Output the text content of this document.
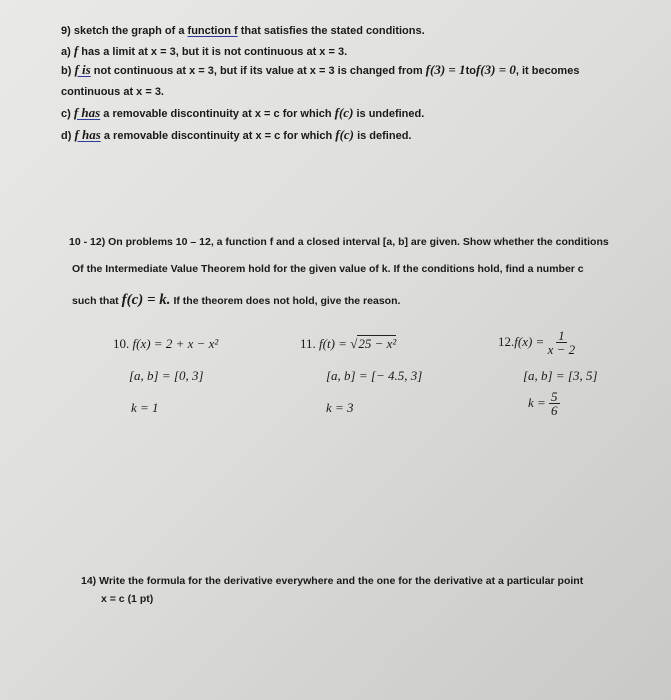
9) sketch the graph of a function f that satisfies the stated conditions.
a) f has a limit at x = 3, but it is not continuous at x = 3.
b) f is not continuous at x = 3, but if its value at x = 3 is changed from f(3) = 1tof(3) = 0, it becomes
continuous at x = 3.
c) f has a removable discontinuity at x = c for which f(c) is undefined.
d) f has a removable discontinuity at x = c for which f(c) is defined.
10 - 12) On problems 10 – 12, a function f and a closed interval [a, b] are given. Show whether the conditions
Of the Intermediate Value Theorem hold for the given value of k. If the conditions hold, find a number c
such that f(c) = k. If the theorem does not hold, give the reason.
10. f(x) = 2 + x − x²
[a, b] = [0, 3]
k = 1
11. f(t) = √25 − x²
[a, b] = [− 4.5, 3]
k = 3
$12.f(x) = \frac{1}{x - 2}$
[a, b] = [3, 5]
$k = \frac{5}{6}$
14) Write the formula for the derivative everywhere and the one for the derivative at a particular point
x = c (1 pt)
